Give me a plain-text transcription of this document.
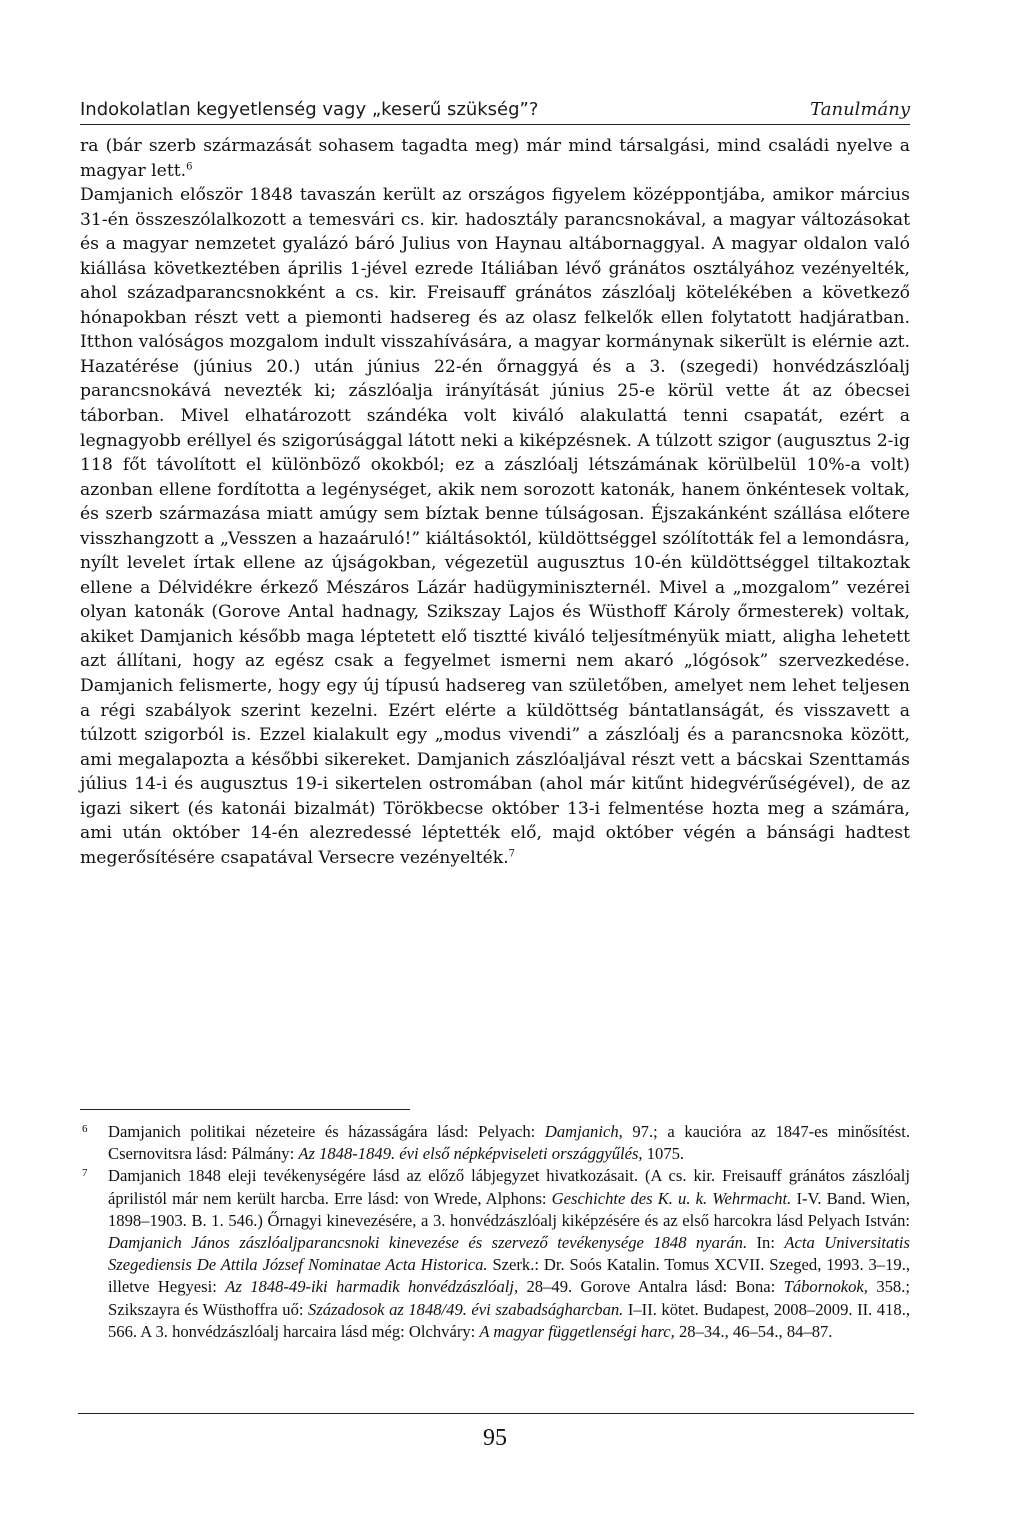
Indokolatlan kegyetlenség vagy „keserű szükség”?	Tanulmány

ra (bár szerb származását sohasem tagadta meg) már mind társalgási, mind családi nyelve a magyar lett.$^6$

Damjanich először 1848 tavaszán került az országos figyelem középpontjába, amikor március 31-én összeszólalkozott a temesvári cs. kir. hadosztály parancsnokával, a magyar változásokat és a magyar nemzetet gyalázó báró Julius von Haynau altábornaggyal. A magyar oldalon való kiállása következtében április 1-jével ezrede Itáliában lévő gránátos osztályához vezényelték, ahol századparancsnokként a cs. kir. Freisauff gránátos zászlóalj kötelékében a következő hónapokban részt vett a piemonti hadsereg és az olasz felkelők ellen folytatott hadjáratban. Itthon valóságos mozgalom indult visszahívására, a magyar kormánynak sikerült is elérnie azt. Hazatérése (június 20.) után június 22-én őrnaggyá és a 3. (szegedi) honvédzászlóalj parancsnokává nevezték ki; zászlóalja irányítását június 25-e körül vette át az óbecsei táborban. Mivel elhatározott szándéka volt kiváló alakulattá tenni csapatát, ezért a legnagyobb eréllyel és szigorúsággal látott neki a kiképzésnek. A túlzott szigor (augusztus 2-ig 118 főt távolított el különböző okokból; ez a zászlóalj létszámának körülbelül 10%-a volt) azonban ellene fordította a legénységet, akik nem sorozott katonák, hanem önkéntesek voltak, és szerb származása miatt amúgy sem bíztak benne túlságosan. Éjszakánként szállása előtere visszhangzott a „Vesszen a hazaáruló!” kiáltásoktól, küldöttséggel szólították fel a lemondásra, nyílt levelet írtak ellene az újságokban, végezetül augusztus 10-én küldöttséggel tiltakoztak ellene a Délvidékre érkező Mészáros Lázár hadügyminiszternél. Mivel a „mozgalom” vezérei olyan katonák (Gorove Antal hadnagy, Szikszay Lajos és Wüsthoff Károly őrmesterek) voltak, akiket Damjanich később maga léptetett elő tisztté kiváló teljesítményük miatt, aligha lehetett azt állítani, hogy az egész csak a fegyelmet ismerni nem akaró „lógósok” szervezkedése. Damjanich felismerte, hogy egy új típusú hadsereg van születőben, amelyet nem lehet teljesen a régi szabályok szerint kezelni. Ezért elérte a küldöttség bántatlanságát, és visszavett a túlzott szigorból is. Ezzel kialakult egy „modus vivendi” a zászlóalj és a parancsnoka között, ami megalapozta a későbbi sikereket. Damjanich zászlóaljával részt vett a bácskai Szenttamás július 14-i és augusztus 19-i sikertelen ostromában (ahol már kitűnt hidegvérűségével), de az igazi sikert (és katonái bizalmát) Törökbecse október 13-i felmentése hozta meg a számára, ami után október 14-én alezredessé léptették elő, majd október végén a bánsági hadtest megerősítésére csapatával Versecre vezényelték.$^7$

6 Damjanich politikai nézeteire és házasságára lásd: Pelyach: Damjanich, 97.; a kaucióra az 1847-es minősítést. Csernovitsra lásd: Pálmány: Az 1848-1849. évi első népképviseleti országgyűlés, 1075.

7 Damjanich 1848 eleji tevékenységére lásd az előző lábjegyzet hivatkozásait. (A cs. kir. Freisauff gránátos zászlóalj áprilistól már nem került harcba. Erre lásd: von Wrede, Alphons: Geschichte des K. u. k. Wehrmacht. I-V. Band. Wien, 1898–1903. B. 1. 546.) Őrnagyi kinevezésére, a 3. honvédzászlóalj kiképzésére és az első harcokra lásd Pelyach István: Damjanich János zászlóaljparancsnoki kinevezése és szervező tevékenysége 1848 nyarán. In: Acta Universitatis Szegediensis De Attila József Nominatae Acta Historica. Szerk.: Dr. Soós Katalin. Tomus XCVII. Szeged, 1993. 3–19., illetve Hegyesi: Az 1848-49-iki harmadik honvédzászlóalj, 28–49. Gorove Antalra lásd: Bona: Tábornokok, 358.; Szikszayra és Wüsthoffra uő: Századosok az 1848/49. évi szabadságharcban. I–II. kötet. Budapest, 2008–2009. II. 418., 566. A 3. honvédzászlóalj harcaira lásd még: Olchváry: A magyar függetlenségi harc, 28–34., 46–54., 84–87.

95
